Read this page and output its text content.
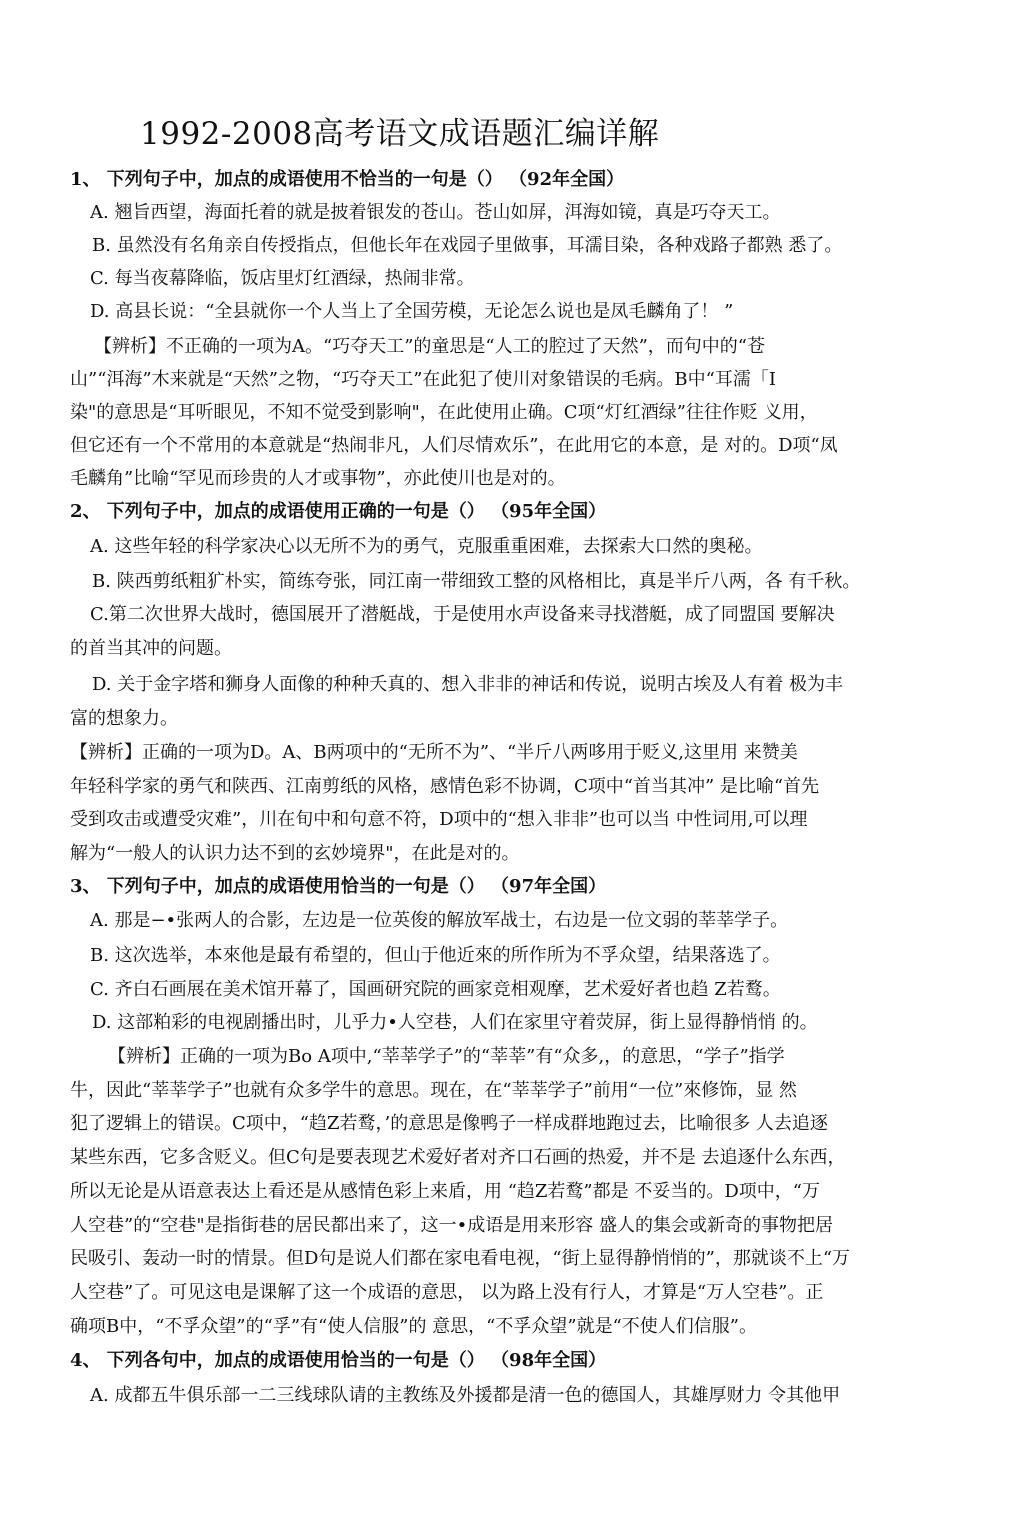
1992-2008高考语文成语题汇编详解
1、 下列句子中，加点的成语使用不恰当的一句是（） （92年全国）
A. 翘旨西望，海面托着的就是披着银发的苍山。苍山如屏，洱海如镜，真是巧夺天工。
B. 虽然没有名角亲自传授指点，但他长年在戏园子里做事，耳濡目染，各种戏路子都熟 悉了。
C. 每当夜幕降临，饭店里灯红酒绿，热闹非常。
D. 高县长说：“全县就你一个人当上了全国劳模，无论怎么说也是凤毛麟角了！ ”
【辨析】不正确的一项为A。“巧夺天工”的童思是“人工的腔过了天然”，而句中的“苍
山”“洱海”木来就是“天然”之物，“巧夺天工”在此犯了使川对象错误的毛病。B中“耳濡「I
染"的意思是“耳听眼见，不知不觉受到影响"，在此使用止确。C项“灯红酒绿”往往作贬 义用，
但它还有一个不常用的本意就是“热闹非凡，人们尽情欢乐”，在此用它的本意，是 对的。D项“凤
毛麟角”比喻“罕见而珍贵的人才或事物”，亦此使川也是对的。
2、 下列句子中，加点的成语使用正确的一句是（） （95年全国）
A. 这些年轻的科学家决心以无所不为的勇气，克服重重困难，去探索大口然的奥秘。
B. 陕西剪纸粗犷朴实，简练夸张，同江南一带细致工整的风格相比，真是半斤八两，各 有千秋。
C.第二次世界大战时，德国展开了潜艇战，于是使用水声设备来寻找潜艇，成了同盟国 要解决
的首当其冲的问题。
D. 关于金字塔和狮身人面像的种种夭真的、想入非非的神话和传说，说明古埃及人有着 极为丰
富的想象力。
【辨析】正确的一项为D。A、B两项中的“无所不为”、“半斤八两哆用于贬义,这里用 来赞美
年轻科学家的勇气和陕西、江南剪纸的风格，感情色彩不协调，C项中“首当其冲” 是比喻“首先
受到攻击或遭受灾难”，川在旬中和句意不符，D项中的“想入非非”也可以当 中性词用,可以理
解为“一般人的认识力达不到的玄妙境界"，在此是对的。
3、 下列句子中，加点的成语使用恰当的一句是（） （97年全国）
A. 那是−•张两人的合影，左边是一位英俊的解放军战士，右边是一位文弱的莘莘学子。
B. 这次选举，本來他是最有希望的，但山于他近來的所作所为不孚众望，结果落选了。
C. 齐白石画展在美术馆开幕了，国画研究院的画家竞相观摩，艺术爱好者也趋 Z若鹜。
D. 这部粕彩的电视剧播出时，儿乎力•人空巷，人们在家里守着荧屏，街上显得静悄悄 的。
【辨析】正确的一项为Bo A项中,“莘莘学子”的“莘莘”有“众多,，的意思，“学子”指学
牛，因此“莘莘学子”也就有众多学牛的意思。现在，在“莘莘学子”前用“一位”來修饰，显 然
犯了逻辑上的错误。C项中，“趋Z若鹜，’的意思是像鸭子一样成群地跑过去，比喻很多 人去追逐
某些东西，它多含贬义。但C句是要表现艺术爱好者对齐口石画的热爱，并不是 去追逐什么东西，
所以无论是从语意表达上看还是从感情色彩上来盾，用 “趋Z若鹜”都是 不妥当的。D项中，“万
人空巷”的“空巷"是指街巷的居民都出来了，这一•成语是用来形容 盛人的集会或新奇的事物把居
民吸引、轰动一时的情景。但D句是说人们都在家电看电视，“街上显得静悄悄的”，那就谈不上“万
人空巷”了。可见这电是课解了这一个成语的意思， 以为路上没有行人，才算是“万人空巷”。正
确项B中，“不孚众望”的“孚”有“使人信服”的 意思，“不孚众望”就是“不使人们信服”。
4、 下列各句中，加点的成语使用恰当的一句是（） （98年全国）
A. 成都五牛俱乐部一二三线球队请的主教练及外援都是清一色的德国人，其雄厚财力 令其他甲
